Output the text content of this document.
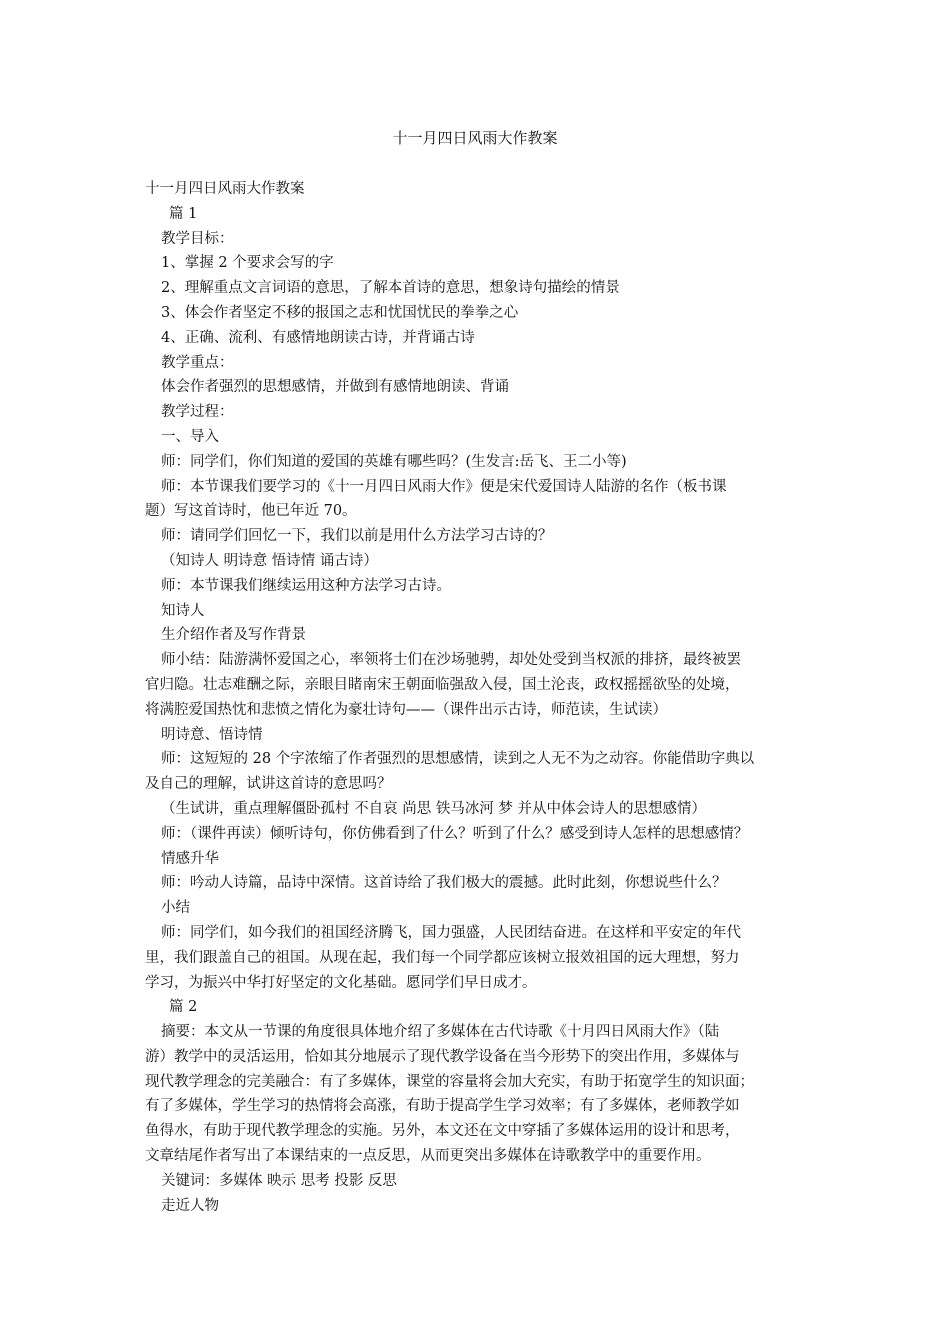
十一月四日风雨大作教案
十一月四日风雨大作教案
篇 1
教学目标：
1、掌握 2 个要求会写的字
2、理解重点文言词语的意思，了解本首诗的意思，想象诗句描绘的情景
3、体会作者坚定不移的报国之志和忧国忧民的拳拳之心
4、正确、流利、有感情地朗读古诗，并背诵古诗
教学重点：
体会作者强烈的思想感情，并做到有感情地朗读、背诵
教学过程：
一、导入
师：同学们，你们知道的爱国的英雄有哪些吗？(生发言:岳飞、王二小等)
师：本节课我们要学习的《十一月四日风雨大作》便是宋代爱国诗人陆游的名作（板书课
题）写这首诗时，他已年近 70。
师：请同学们回忆一下，我们以前是用什么方法学习古诗的？
（知诗人 明诗意 悟诗情 诵古诗）
师：本节课我们继续运用这种方法学习古诗。
知诗人
生介绍作者及写作背景
师小结：陆游满怀爱国之心，率领将士们在沙场驰骋，却处处受到当权派的排挤，最终被罢
官归隐。壮志难酬之际，亲眼目睹南宋王朝面临强敌入侵，国土沦丧，政权摇摇欲坠的处境，
将满腔爱国热忱和悲愤之情化为豪壮诗句——（课件出示古诗，师范读，生试读）
明诗意、悟诗情
师：这短短的 28 个字浓缩了作者强烈的思想感情，读到之人无不为之动容。你能借助字典以
及自己的理解，试讲这首诗的意思吗？
（生试讲，重点理解僵卧孤村 不自哀 尚思 铁马冰河 梦 并从中体会诗人的思想感情）
师：（课件再读）倾听诗句，你仿佛看到了什么？听到了什么？感受到诗人怎样的思想感情？
情感升华
师：吟动人诗篇，品诗中深情。这首诗给了我们极大的震撼。此时此刻，你想说些什么？
小结
师：同学们，如今我们的祖国经济腾飞，国力强盛，人民团结奋进。在这样和平安定的年代
里，我们跟盖自己的祖国。从现在起，我们每一个同学都应该树立报效祖国的远大理想，努力
学习，为振兴中华打好坚定的文化基础。愿同学们早日成才。
篇 2
摘要：本文从一节课的角度很具体地介绍了多媒体在古代诗歌《十月四日风雨大作》（陆
游）教学中的灵活运用，恰如其分地展示了现代教学设备在当今形势下的突出作用，多媒体与
现代教学理念的完美融合：有了多媒体，课堂的容量将会加大充实，有助于拓宽学生的知识面；
有了多媒体，学生学习的热情将会高涨，有助于提高学生学习效率；有了多媒体，老师教学如
鱼得水，有助于现代教学理念的实施。另外，本文还在文中穿插了多媒体运用的设计和思考，
文章结尾作者写出了本课结束的一点反思，从而更突出多媒体在诗歌教学中的重要作用。
关键词：多媒体 映示 思考 投影 反思
走近人物
